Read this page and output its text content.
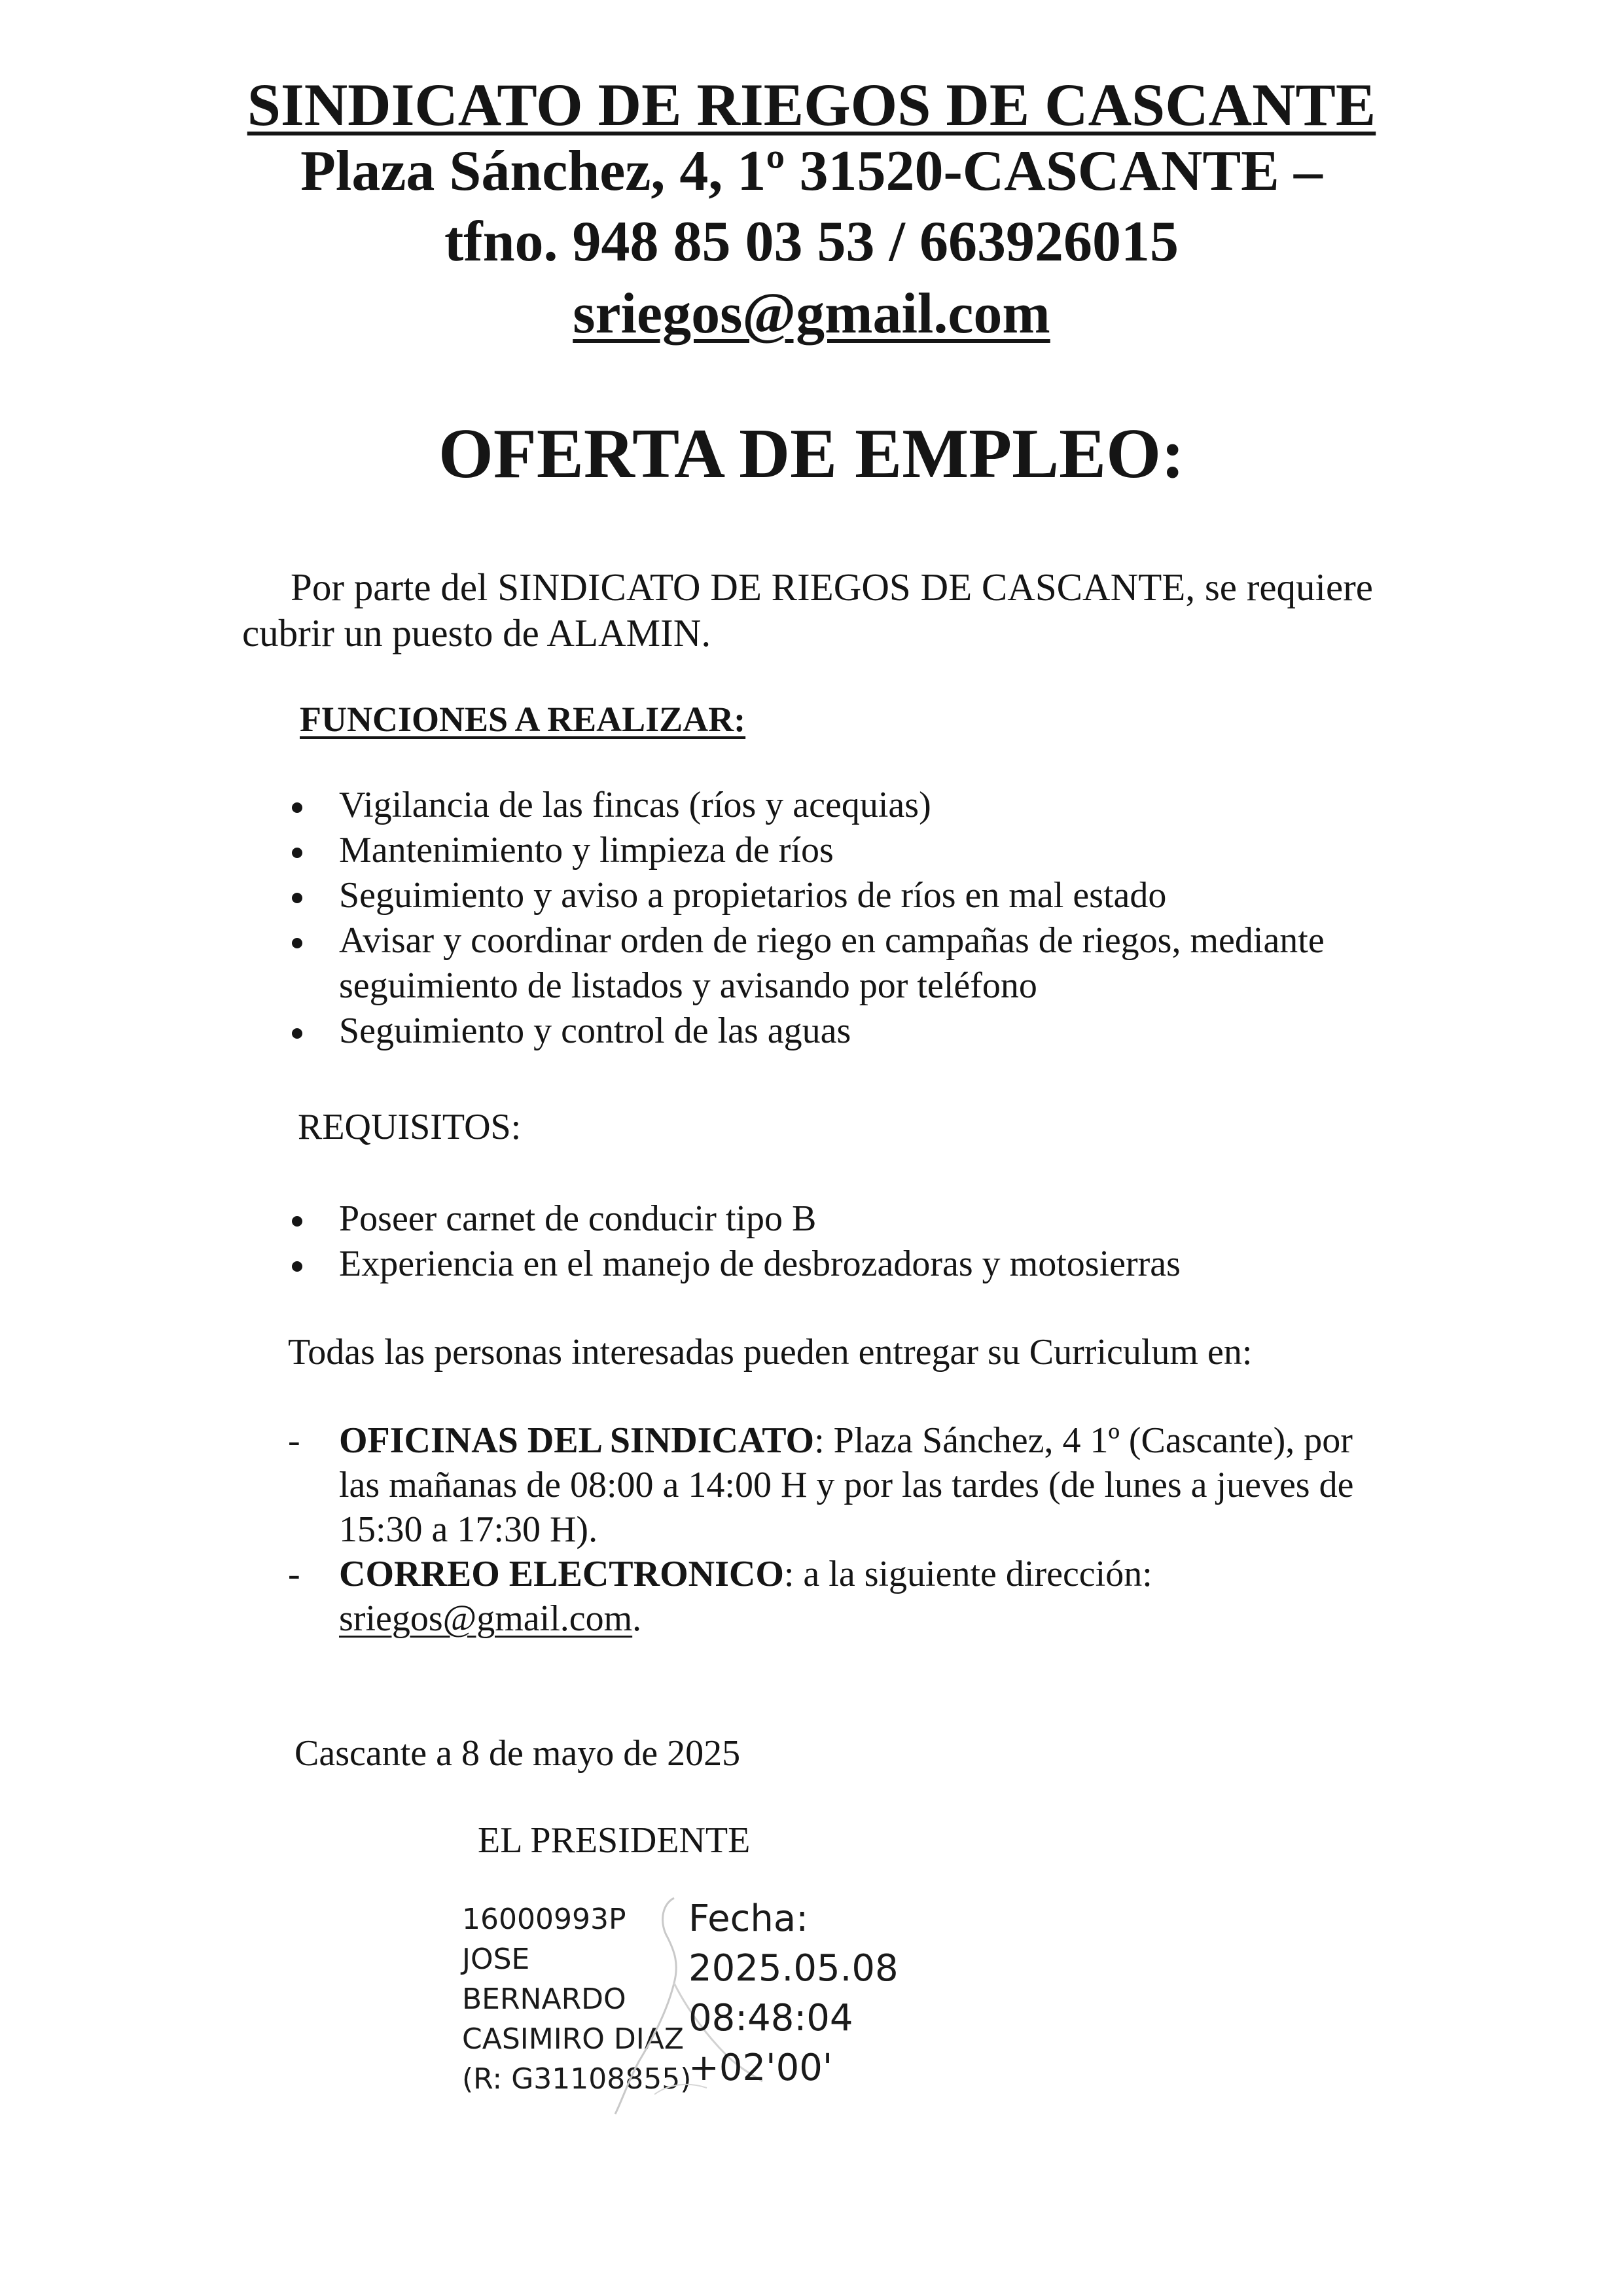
SINDICATO DE RIEGOS DE CASCANTE
Plaza Sánchez, 4, 1º 31520-CASCANTE –
tfno. 948 85 03 53 / 663926015
sriegos@gmail.com
OFERTA DE EMPLEO:
Por parte del SINDICATO DE RIEGOS DE CASCANTE, se requiere cubrir un puesto de ALAMIN.
FUNCIONES A REALIZAR:
Vigilancia de las fincas (ríos y acequias)
Mantenimiento y limpieza de ríos
Seguimiento y aviso a propietarios de ríos en mal estado
Avisar y coordinar orden de riego en campañas de riegos, mediante seguimiento de listados y avisando por teléfono
Seguimiento y control de las aguas
REQUISITOS:
Poseer carnet de conducir tipo B
Experiencia en el manejo de desbrozadoras y motosierras
Todas las personas interesadas pueden entregar su Curriculum en:
- OFICINAS DEL SINDICATO: Plaza Sánchez, 4 1º (Cascante), por las mañanas de 08:00 a 14:00 H y por las tardes (de lunes a jueves de 15:30 a 17:30 H).
- CORREO ELECTRONICO: a la siguiente dirección:
sriegos@gmail.com.
Cascante a 8 de mayo de 2025
EL PRESIDENTE
16000993P
JOSE
BERNARDO
CASIMIRO DIAZ
(R: G31108855)
Fecha:
2025.05.08
08:48:04
+02'00'
